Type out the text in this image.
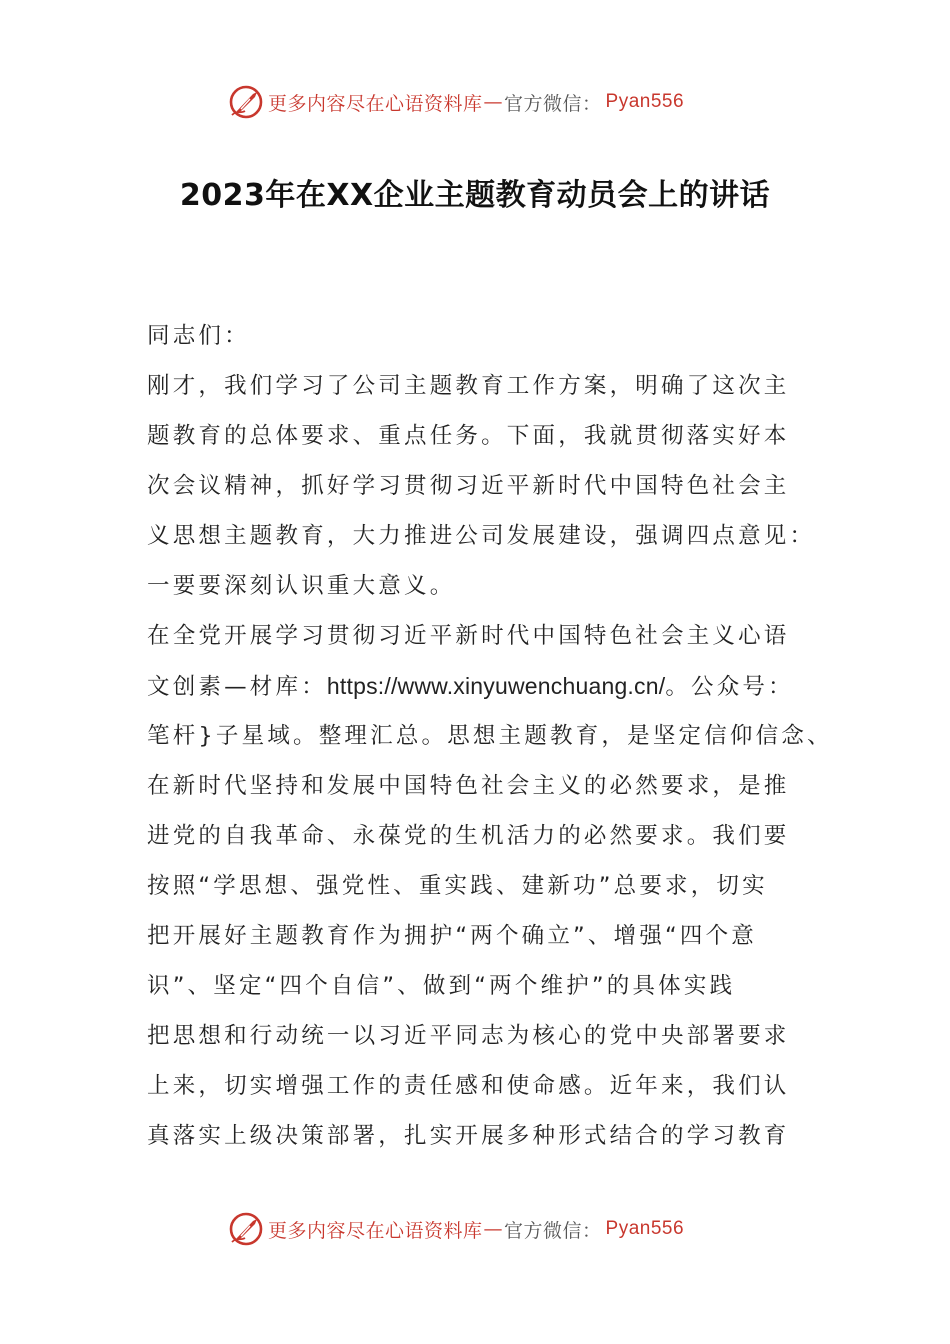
更多内容尽在心语资料库 — 官方微信： Pyan556
2023年在XX企业主题教育动员会上的讲话
同志们：
刚才，我们学习了公司主题教育工作方案，明确了这次主
题教育的总体要求、重点任务。下面，我就贯彻落实好本
次会议精神，抓好学习贯彻习近平新时代中国特色社会主
义思想主题教育，大力推进公司发展建设，强调四点意见：
一要要深刻认识重大意义。
在全党开展学习贯彻习近平新时代中国特色社会主义心语
文创素—材库：https://www.xinyuwenchuang.cn/。公众号：
笔杆}子星域。整理汇总。思想主题教育，是坚定信仰信念、
在新时代坚持和发展中国特色社会主义的必然要求，是推
进党的自我革命、永葆党的生机活力的必然要求。我们要
按照“学思想、强党性、重实践、建新功”总要求，切实
把开展好主题教育作为拥护“两个确立”、增强“四个意
识”、坚定“四个自信”、做到“两个维护”的具体实践
把思想和行动统一以习近平同志为核心的党中央部署要求
上来，切实增强工作的责任感和使命感。近年来，我们认
真落实上级决策部署，扎实开展多种形式结合的学习教育
更多内容尽在心语资料库 — 官方微信： Pyan556
